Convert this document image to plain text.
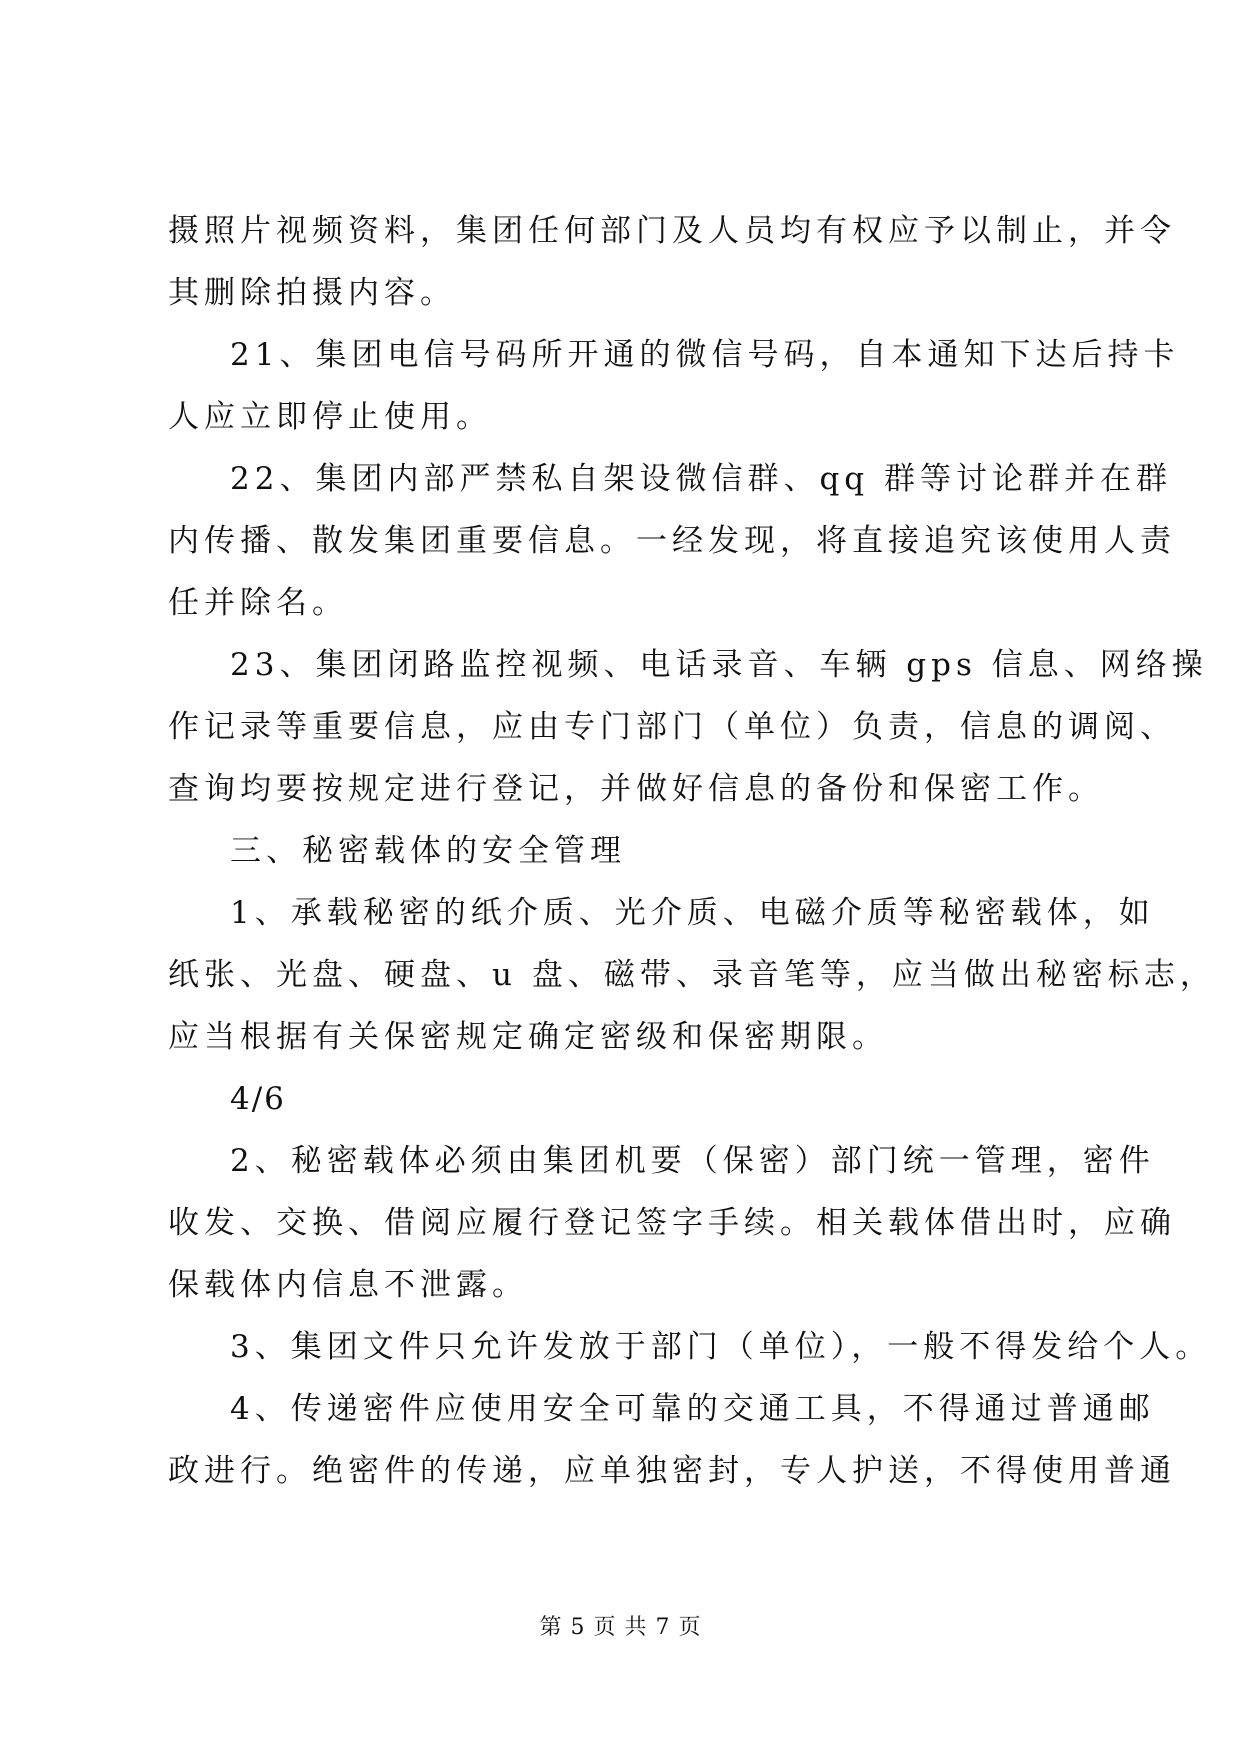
摄照片视频资料，集团任何部门及人员均有权应予以制止，并令
其删除拍摄内容。

21、集团电信号码所开通的微信号码，自本通知下达后持卡
人应立即停止使用。

22、集团内部严禁私自架设微信群、qq 群等讨论群并在群
内传播、散发集团重要信息。一经发现，将直接追究该使用人责
任并除名。

23、集团闭路监控视频、电话录音、车辆 gps 信息、网络操
作记录等重要信息，应由专门部门（单位）负责，信息的调阅、
查询均要按规定进行登记，并做好信息的备份和保密工作。

三、秘密载体的安全管理

1、承载秘密的纸介质、光介质、电磁介质等秘密载体，如
纸张、光盘、硬盘、u 盘、磁带、录音笔等，应当做出秘密标志，
应当根据有关保密规定确定密级和保密期限。

4/6

2、秘密载体必须由集团机要（保密）部门统一管理，密件
收发、交换、借阅应履行登记签字手续。相关载体借出时，应确
保载体内信息不泄露。

3、集团文件只允许发放于部门（单位），一般不得发给个人。

4、传递密件应使用安全可靠的交通工具，不得通过普通邮
政进行。绝密件的传递，应单独密封，专人护送，不得使用普通

第 5 页 共 7 页
